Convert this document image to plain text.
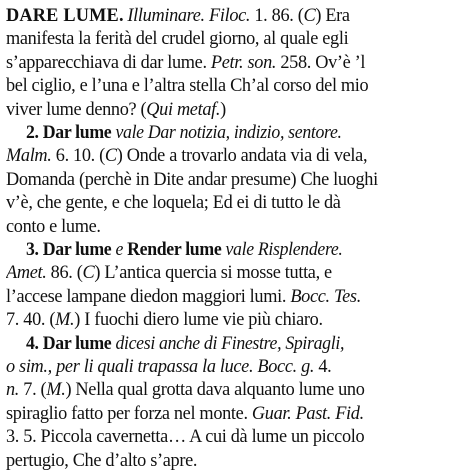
DARE LUME. Illuminare. Filoc. 1. 86. (C) Era
manifesta la ferità del crudel giorno, al quale egli
s’apparecchiava di dar lume. Petr. son. 258. Ov’è ’l
bel ciglio, e l’una e l’altra stella Ch’al corso del mio
viver lume denno? (Qui metaf.)
2. Dar lume vale Dar notizia, indizio, sentore.
Malm. 6. 10. (C) Onde a trovarlo andata via di vela,
Domanda (perchè in Dite andar presume) Che luoghi
v’è, che gente, e che loquela; Ed ei di tutto le dà
conto e lume.
3. Dar lume e Render lume vale Risplendere.
Amet. 86. (C) L’antica quercia si mosse tutta, e
l’accese lampane diedon maggiori lumi. Bocc. Tes.
7. 40. (M.) I fuochi diero lume vie più chiaro.
4. Dar lume dicesi anche di Finestre, Spiragli,
o sim., per li quali trapassa la luce. Bocc. g. 4.
n. 7. (M.) Nella qual grotta dava alquanto lume uno
spiraglio fatto per forza nel monte. Guar. Past. Fid.
3. 5. Piccola cavernetta… A cui dà lume un piccolo
pertugio, Che d’alto s’apre.
